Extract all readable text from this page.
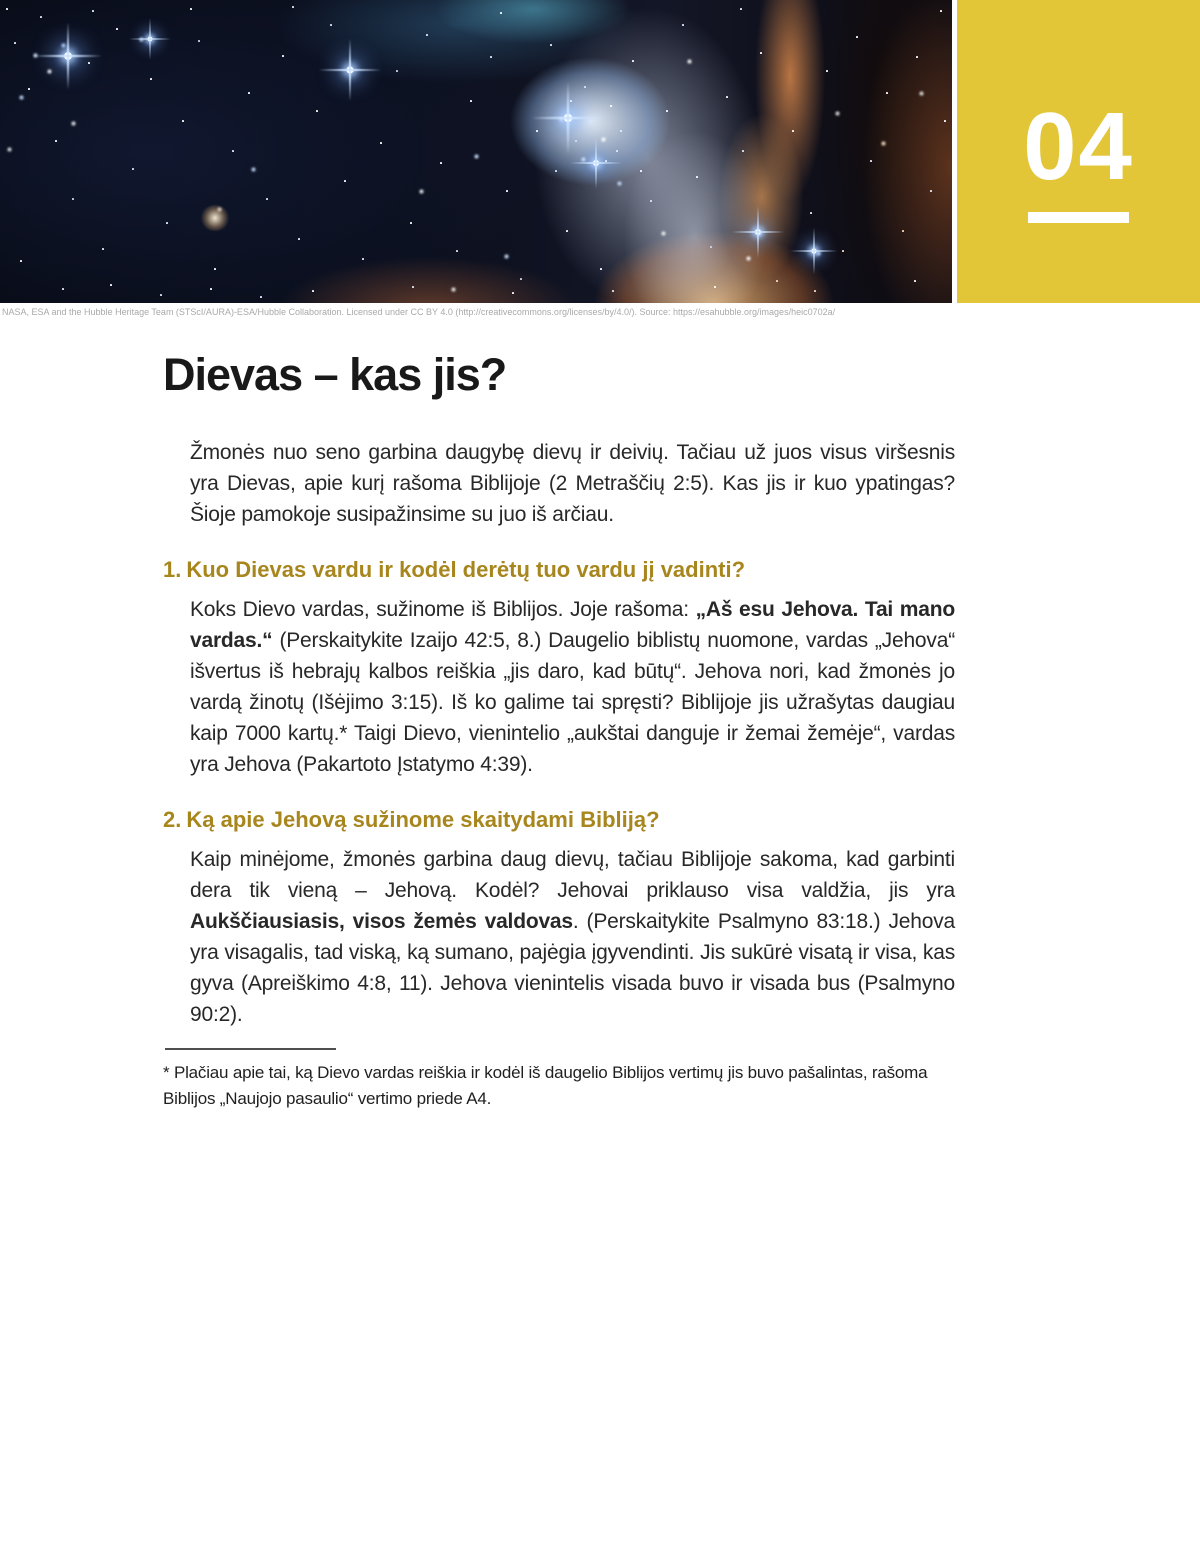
04
NASA, ESA and the Hubble Heritage Team (STScI/AURA)-ESA/Hubble Collaboration. Licensed under CC BY 4.0 (http://creativecommons.org/licenses/by/4.0/). Source: https://esahubble.org/images/heic0702a/
Dievas – kas jis?

Žmonės nuo seno garbina daugybę dievų ir deivių. Tačiau už juos visus viršesnis yra Dievas, apie kurį rašoma Biblijoje (2 Metraščių 2:5). Kas jis ir kuo ypatingas? Šioje pamokoje susipažinsime su juo iš arčiau.

1. Kuo Dievas vardu ir kodėl derėtų tuo vardu jį vadinti?

Koks Dievo vardas, sužinome iš Biblijos. Joje rašoma: „Aš esu Jehova. Tai mano vardas.“ (Perskaitykite Izaijo 42:5, 8.) Daugelio biblistų nuomone, vardas „Jehova“ išvertus iš hebrajų kalbos reiškia „jis daro, kad būtų“. Jehova nori, kad žmonės jo vardą žinotų (Išėjimo 3:15). Iš ko galime tai spręsti? Biblijoje jis užrašytas daugiau kaip 7000 kartų.* Taigi Dievo, vienintelio „aukštai danguje ir žemai žemėje“, vardas yra Jehova (Pakartoto Įstatymo 4:39).

2. Ką apie Jehovą sužinome skaitydami Bibliją?

Kaip minėjome, žmonės garbina daug dievų, tačiau Biblijoje sakoma, kad garbinti dera tik vieną – Jehovą. Kodėl? Jehovai priklauso visa valdžia, jis yra Aukščiausiasis, visos žemės valdovas. (Perskaitykite Psalmyno 83:18.) Jehova yra visagalis, tad viską, ką sumano, pajėgia įgyvendinti. Jis sukūrė visatą ir visa, kas gyva (Apreiškimo 4:8, 11). Jehova vienintelis visada buvo ir visada bus (Psalmyno 90:2).

* Plačiau apie tai, ką Dievo vardas reiškia ir kodėl iš daugelio Biblijos vertimų jis buvo pašalintas, rašoma Biblijos „Naujojo pasaulio“ vertimo priede A4.
